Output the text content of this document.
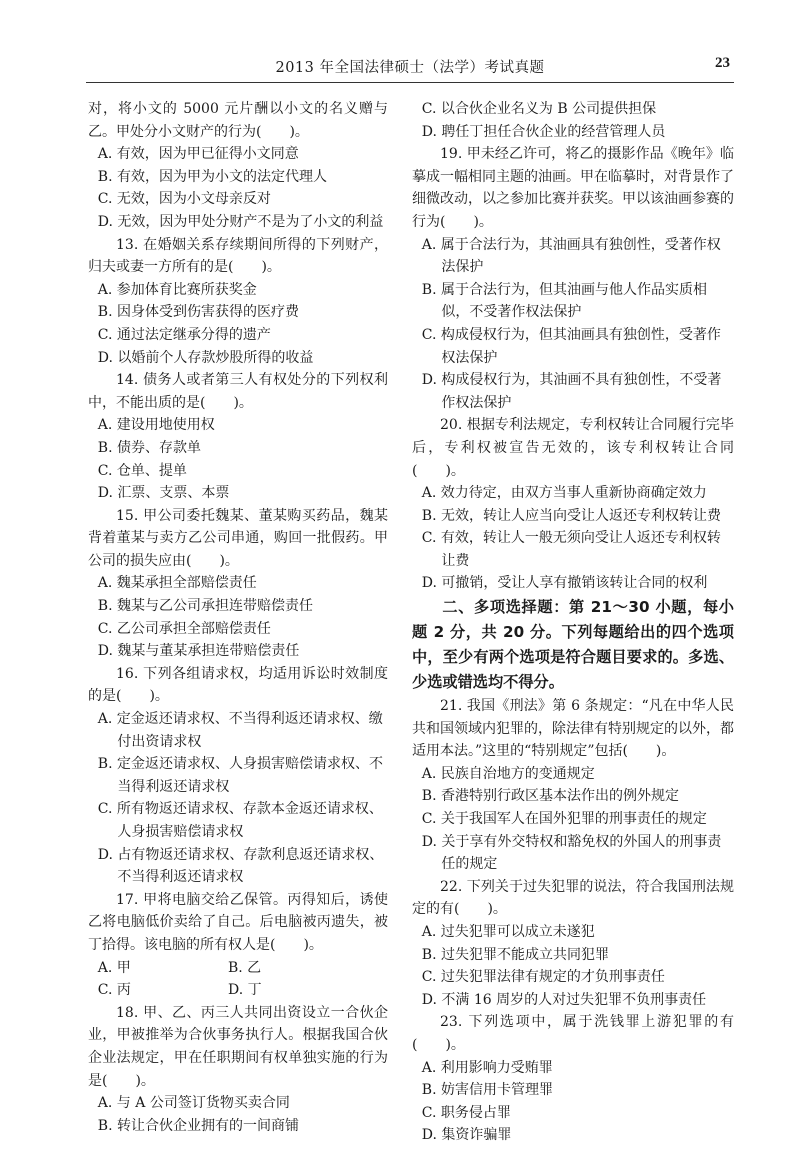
2013 年全国法律硕士（法学）考试真题	23

对，将小文的 5000 元片酬以小文的名义赠与乙。甲处分小文财产的行为(　　)。

A. 有效，因为甲已征得小文同意

B. 有效，因为甲为小文的法定代理人

C. 无效，因为小文母亲反对

D. 无效，因为甲处分财产不是为了小文的利益

13. 在婚姻关系存续期间所得的下列财产，归夫或妻一方所有的是(　　)。

A. 参加体育比赛所获奖金

B. 因身体受到伤害获得的医疗费

C. 通过法定继承分得的遗产

D. 以婚前个人存款炒股所得的收益

14. 债务人或者第三人有权处分的下列权利中，不能出质的是(　　)。

A. 建设用地使用权

B. 债券、存款单

C. 仓单、提单

D. 汇票、支票、本票

15. 甲公司委托魏某、董某购买药品，魏某背着董某与卖方乙公司串通，购回一批假药。甲公司的损失应由(　　)。

A. 魏某承担全部赔偿责任

B. 魏某与乙公司承担连带赔偿责任

C. 乙公司承担全部赔偿责任

D. 魏某与董某承担连带赔偿责任

16. 下列各组请求权，均适用诉讼时效制度的是(　　)。

A. 定金返还请求权、不当得利返还请求权、缴付出资请求权

B. 定金返还请求权、人身损害赔偿请求权、不当得利返还请求权

C. 所有物返还请求权、存款本金返还请求权、人身损害赔偿请求权

D. 占有物返还请求权、存款利息返还请求权、不当得利返还请求权

17. 甲将电脑交给乙保管。丙得知后，诱使乙将电脑低价卖给了自己。后电脑被丙遗失，被丁拾得。该电脑的所有权人是(　　)。

A. 甲	B. 乙
C. 丙	D. 丁

18. 甲、乙、丙三人共同出资设立一合伙企业，甲被推举为合伙事务执行人。根据我国合伙企业法规定，甲在任职期间有权单独实施的行为是(　　)。

A. 与 A 公司签订货物买卖合同

B. 转让合伙企业拥有的一间商铺

C. 以合伙企业名义为 B 公司提供担保

D. 聘任丁担任合伙企业的经营管理人员

19. 甲未经乙许可，将乙的摄影作品《晚年》临摹成一幅相同主题的油画。甲在临摹时，对背景作了细微改动，以之参加比赛并获奖。甲以该油画参赛的行为(　　)。

A. 属于合法行为，其油画具有独创性，受著作权法保护

B. 属于合法行为，但其油画与他人作品实质相似，不受著作权法保护

C. 构成侵权行为，但其油画具有独创性，受著作权法保护

D. 构成侵权行为，其油画不具有独创性，不受著作权法保护

20. 根据专利法规定，专利权转让合同履行完毕后，专利权被宣告无效的，该专利权转让合同(　　)。

A. 效力待定，由双方当事人重新协商确定效力

B. 无效，转让人应当向受让人返还专利权转让费

C. 有效，转让人一般无须向受让人返还专利权转让费

D. 可撤销，受让人享有撤销该转让合同的权利

二、多项选择题：第 21～30 小题，每小题 2 分，共 20 分。下列每题给出的四个选项中，至少有两个选项是符合题目要求的。多选、少选或错选均不得分。

21. 我国《刑法》第 6 条规定：“凡在中华人民共和国领域内犯罪的，除法律有特别规定的以外，都适用本法。”这里的“特别规定”包括(　　)。

A. 民族自治地方的变通规定

B. 香港特别行政区基本法作出的例外规定

C. 关于我国军人在国外犯罪的刑事责任的规定

D. 关于享有外交特权和豁免权的外国人的刑事责任的规定

22. 下列关于过失犯罪的说法，符合我国刑法规定的有(　　)。

A. 过失犯罪可以成立未遂犯

B. 过失犯罪不能成立共同犯罪

C. 过失犯罪法律有规定的才负刑事责任

D. 不满 16 周岁的人对过失犯罪不负刑事责任

23. 下列选项中，属于洗钱罪上游犯罪的有(　　)。

A. 利用影响力受贿罪

B. 妨害信用卡管理罪

C. 职务侵占罪

D. 集资诈骗罪
